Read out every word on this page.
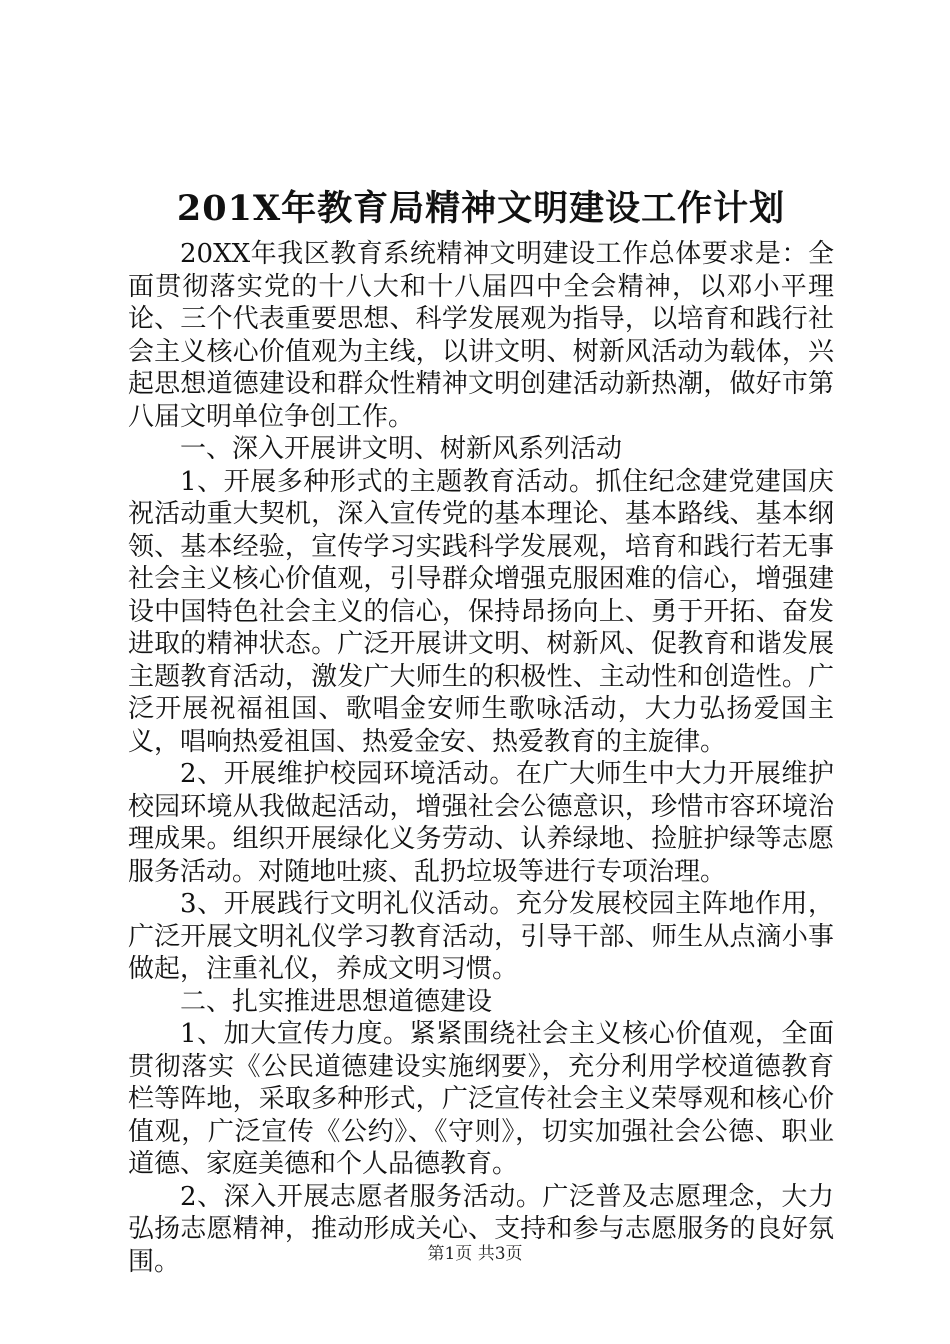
201X年教育局精神文明建设工作计划

20XX年我区教育系统精神文明建设工作总体要求是：全面贯彻落实党的十八大和十八届四中全会精神，以邓小平理论、三个代表重要思想、科学发展观为指导，以培育和践行社会主义核心价值观为主线，以讲文明、树新风活动为载体，兴起思想道德建设和群众性精神文明创建活动新热潮，做好市第八届文明单位争创工作。

一、深入开展讲文明、树新风系列活动

1、开展多种形式的主题教育活动。抓住纪念建党建国庆祝活动重大契机，深入宣传党的基本理论、基本路线、基本纲领、基本经验，宣传学习实践科学发展观，培育和践行若无事社会主义核心价值观，引导群众增强克服困难的信心，增强建设中国特色社会主义的信心，保持昂扬向上、勇于开拓、奋发进取的精神状态。广泛开展讲文明、树新风、促教育和谐发展主题教育活动，激发广大师生的积极性、主动性和创造性。广泛开展祝福祖国、歌唱金安师生歌咏活动，大力弘扬爱国主义，唱响热爱祖国、热爱金安、热爱教育的主旋律。

2、开展维护校园环境活动。在广大师生中大力开展维护校园环境从我做起活动，增强社会公德意识，珍惜市容环境治理成果。组织开展绿化义务劳动、认养绿地、捡脏护绿等志愿服务活动。对随地吐痰、乱扔垃圾等进行专项治理。

3、开展践行文明礼仪活动。充分发展校园主阵地作用，广泛开展文明礼仪学习教育活动，引导干部、师生从点滴小事做起，注重礼仪，养成文明习惯。

二、扎实推进思想道德建设

1、加大宣传力度。紧紧围绕社会主义核心价值观，全面贯彻落实《公民道德建设实施纲要》，充分利用学校道德教育栏等阵地，采取多种形式，广泛宣传社会主义荣辱观和核心价值观，广泛宣传《公约》、《守则》，切实加强社会公德、职业道德、家庭美德和个人品德教育。

2、深入开展志愿者服务活动。广泛普及志愿理念，大力弘扬志愿精神，推动形成关心、支持和参与志愿服务的良好氛围。	第1页 共3页
